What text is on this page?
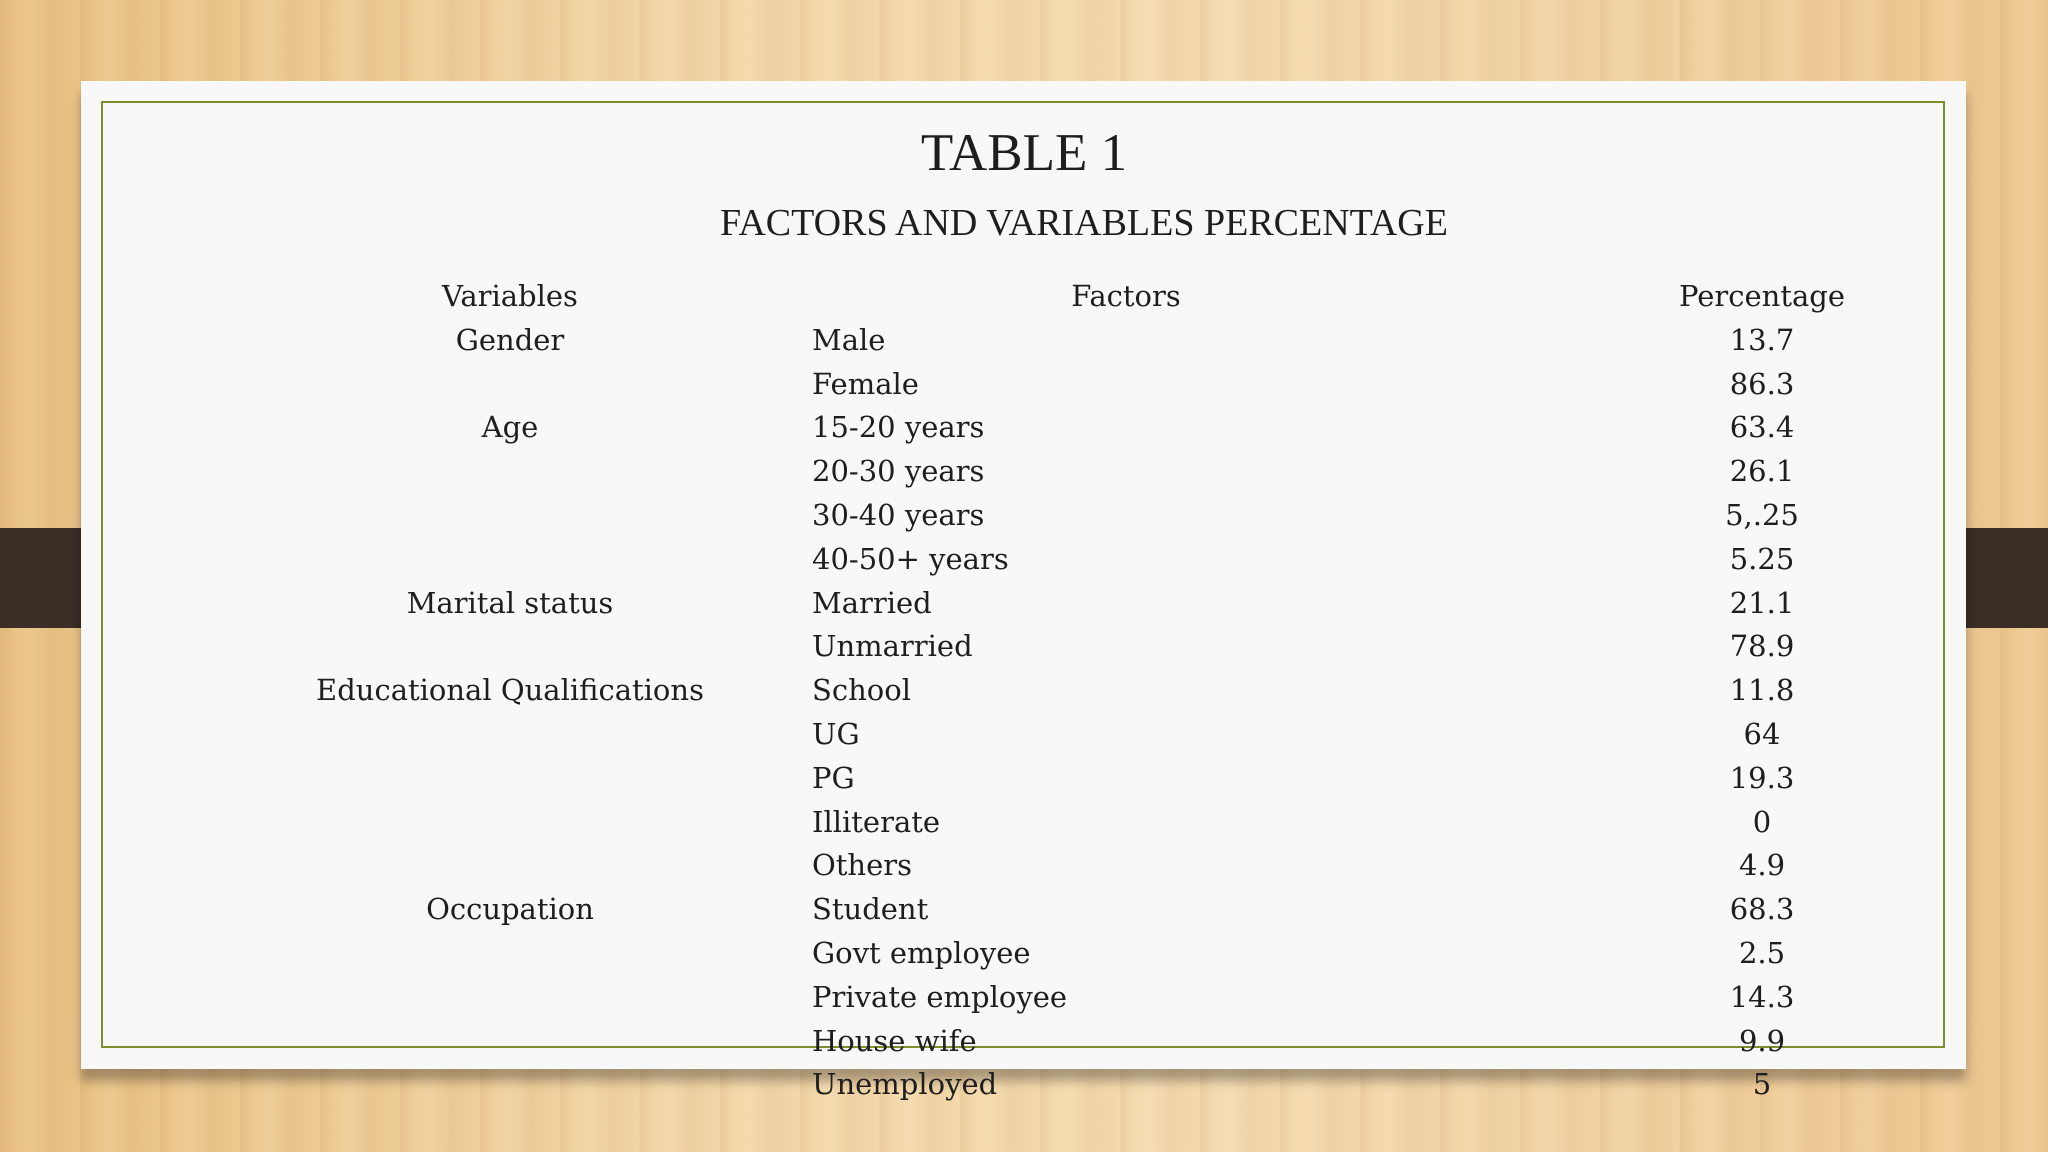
TABLE 1
FACTORS AND VARIABLES PERCENTAGE
Variables	Factors	Percentage
Gender	Male	13.7
	Female	86.3
Age	15-20 years	63.4
	20-30 years	26.1
	30-40 years	5,.25
	40-50+ years	5.25
Marital status	Married	21.1
	Unmarried	78.9
Educational Qualifications	School	11.8
	UG	64
	PG	19.3
	Illiterate	0
	Others	4.9
Occupation	Student	68.3
	Govt employee	2.5
	Private employee	14.3
	House wife	9.9
	Unemployed	5
